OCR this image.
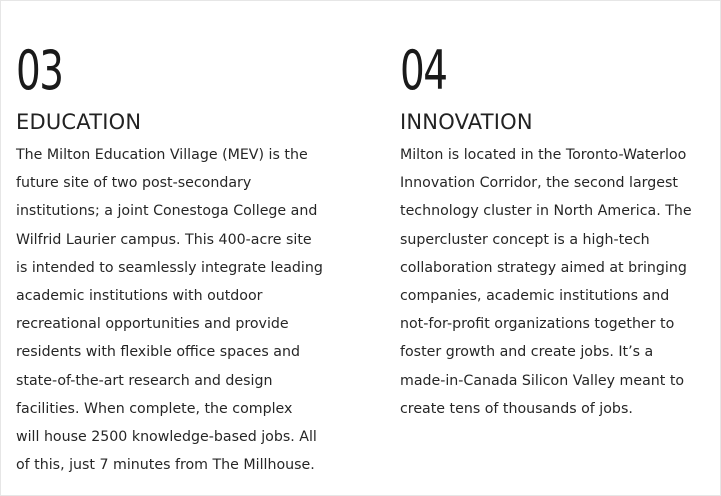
03
EDUCATION
The Milton Education Village (MEV) is the
future site of two post-secondary
institutions; a joint Conestoga College and
Wilfrid Laurier campus. This 400-acre site
is intended to seamlessly integrate leading
academic institutions with outdoor
recreational opportunities and provide
residents with flexible office spaces and
state-of-the-art research and design
facilities. When complete, the complex
will house 2500 knowledge-based jobs. All
of this, just 7 minutes from The Millhouse.
04
INNOVATION
Milton is located in the Toronto-Waterloo
Innovation Corridor, the second largest
technology cluster in North America. The
supercluster concept is a high-tech
collaboration strategy aimed at bringing
companies, academic institutions and
not-for-profit organizations together to
foster growth and create jobs. It’s a
made-in-Canada Silicon Valley meant to
create tens of thousands of jobs.
